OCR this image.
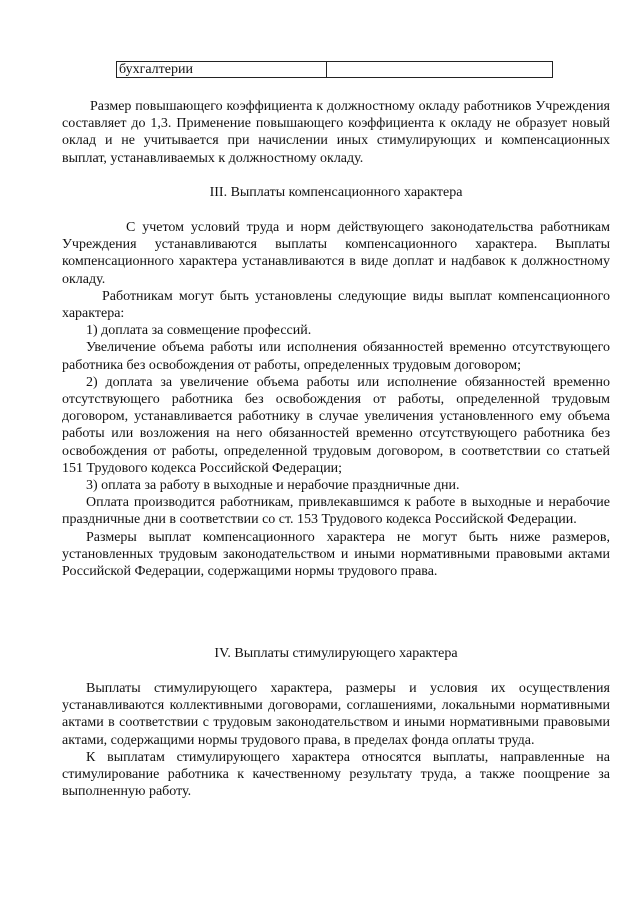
бухгалтерии	

Размер повышающего коэффициента к должностному окладу работников Учреждения составляет до 1,3. Применение повышающего коэффициента к окладу не образует новый оклад и не учитывается при начислении иных стимулирующих и компенсационных выплат, устанавливаемых к должностному окладу.

III. Выплаты компенсационного характера

С учетом условий труда и норм действующего законодательства работникам Учреждения устанавливаются выплаты компенсационного характера. Выплаты компенсационного характера устанавливаются в виде доплат и надбавок к должностному окладу.

Работникам могут быть установлены следующие виды выплат компенсационного характера:

1) доплата за совмещение профессий.

Увеличение объема работы или исполнения обязанностей временно отсутствующего работника без освобождения от работы, определенных трудовым договором;

2) доплата за увеличение объема работы или исполнение обязанностей временно отсутствующего работника без освобождения от работы, определенной трудовым договором, устанавливается работнику в случае увеличения установленного ему объема работы или возложения на него обязанностей временно отсутствующего работника без освобождения от работы, определенной трудовым договором, в соответствии со статьей 151 Трудового кодекса Российской Федерации;

3) оплата за работу в выходные и нерабочие праздничные дни.

Оплата производится работникам, привлекавшимся к работе в выходные и нерабочие праздничные дни в соответствии со ст. 153 Трудового кодекса Российской Федерации.

Размеры выплат компенсационного характера не могут быть ниже размеров, установленных трудовым законодательством и иными нормативными правовыми актами Российской Федерации, содержащими нормы трудового права.

IV. Выплаты стимулирующего характера

Выплаты стимулирующего характера, размеры и условия их осуществления устанавливаются коллективными договорами, соглашениями, локальными нормативными актами в соответствии с трудовым законодательством и иными нормативными правовыми актами, содержащими нормы трудового права, в пределах фонда оплаты труда.

К выплатам стимулирующего характера относятся выплаты, направленные на стимулирование работника к качественному результату труда, а также поощрение за выполненную работу.
